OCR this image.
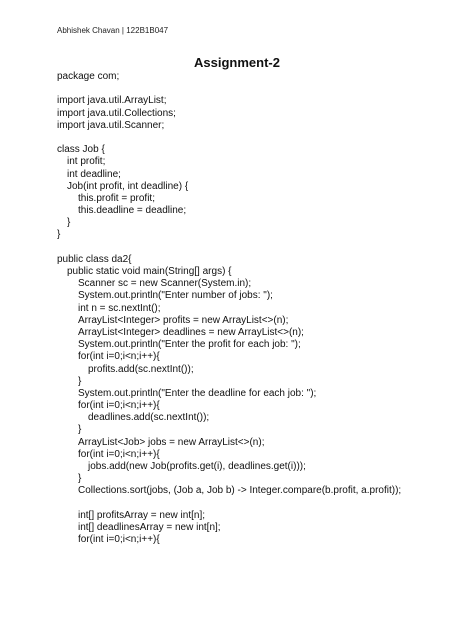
Abhishek Chavan | 122B1B047
Assignment-2
package com;
import java.util.ArrayList;
import java.util.Collections;
import java.util.Scanner;
class Job {
int profit;
int deadline;
Job(int profit, int deadline) {
this.profit = profit;
this.deadline = deadline;
}
}
public class da2{
public static void main(String[] args) {
Scanner sc = new Scanner(System.in);
System.out.println("Enter number of jobs: ");
int n = sc.nextInt();
ArrayList<Integer> profits = new ArrayList<>(n);
ArrayList<Integer> deadlines = new ArrayList<>(n);
System.out.println("Enter the profit for each job: ");
for(int i=0;i<n;i++){
profits.add(sc.nextInt());
}
System.out.println("Enter the deadline for each job: ");
for(int i=0;i<n;i++){
deadlines.add(sc.nextInt());
}
ArrayList<Job> jobs = new ArrayList<>(n);
for(int i=0;i<n;i++){
jobs.add(new Job(profits.get(i), deadlines.get(i)));
}
Collections.sort(jobs, (Job a, Job b) -> Integer.compare(b.profit, a.profit));
int[] profitsArray = new int[n];
int[] deadlinesArray = new int[n];
for(int i=0;i<n;i++){
